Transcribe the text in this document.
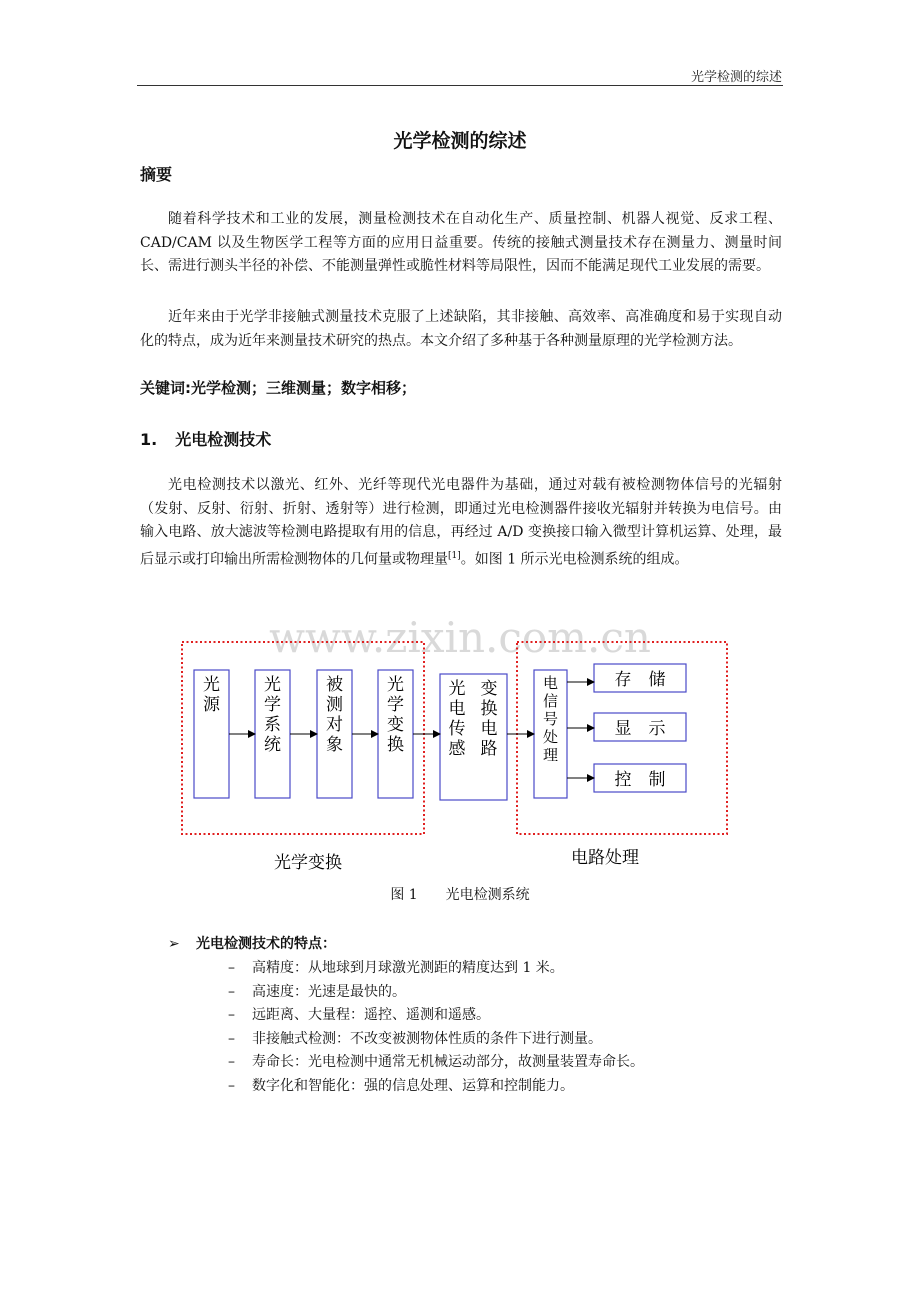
光学检测的综述
光学检测的综述
摘要

随着科学技术和工业的发展，测量检测技术在自动化生产、质量控制、机器人视觉、反求工程、CAD/CAM 以及生物医学工程等方面的应用日益重要。传统的接触式测量技术存在测量力、测量时间长、需进行测头半径的补偿、不能测量弹性或脆性材料等局限性，因而不能满足现代工业发展的需要。

近年来由于光学非接触式测量技术克服了上述缺陷，其非接触、高效率、高准确度和易于实现自动化的特点，成为近年来测量技术研究的热点。本文介绍了多种基于各种测量原理的光学检测方法。

关键词:光学检测；三维测量；数字相移；
1. 光电检测技术

光电检测技术以激光、红外、光纤等现代光电器件为基础，通过对载有被检测物体信号的光辐射（发射、反射、衍射、折射、透射等）进行检测，即通过光电检测器件接收光辐射并转换为电信号。由输入电路、放大滤波等检测电路提取有用的信息，再经过 A/D 变换接口输入微型计算机运算、处理，最后显示或打印输出所需检测物体的几何量或物理量[1]。如图 1 所示光电检测系统的组成。

www.zixin.com.cn
光源
光学系统
被测对象
光学变换
光电传感
变换电路
电信号处理
存　储
显　示
控　制
光学变换	电路处理
图 1　　光电检测系统
➢ 光电检测技术的特点：
– 高精度：从地球到月球激光测距的精度达到 1 米。
– 高速度：光速是最快的。
– 远距离、大量程：遥控、遥测和遥感。
– 非接触式检测：不改变被测物体性质的条件下进行测量。
– 寿命长：光电检测中通常无机械运动部分，故测量装置寿命长。
– 数字化和智能化：强的信息处理、运算和控制能力。
